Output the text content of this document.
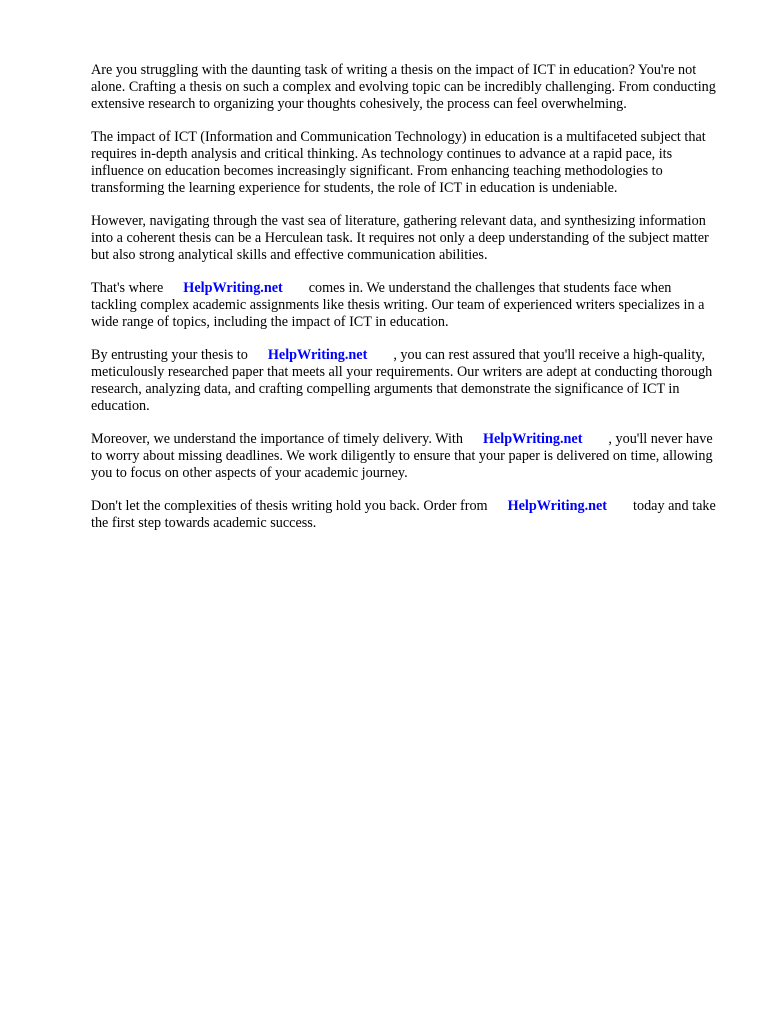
Are you struggling with the daunting task of writing a thesis on the impact of ICT in education? You're not alone. Crafting a thesis on such a complex and evolving topic can be incredibly challenging. From conducting extensive research to organizing your thoughts cohesively, the process can feel overwhelming.

The impact of ICT (Information and Communication Technology) in education is a multifaceted subject that requires in-depth analysis and critical thinking. As technology continues to advance at a rapid pace, its influence on education becomes increasingly significant. From enhancing teaching methodologies to transforming the learning experience for students, the role of ICT in education is undeniable.

However, navigating through the vast sea of literature, gathering relevant data, and synthesizing information into a coherent thesis can be a Herculean task. It requires not only a deep understanding of the subject matter but also strong analytical skills and effective communication abilities.

That's where HelpWriting.net comes in. We understand the challenges that students face when tackling complex academic assignments like thesis writing. Our team of experienced writers specializes in a wide range of topics, including the impact of ICT in education.

By entrusting your thesis to HelpWriting.net , you can rest assured that you'll receive a high-quality, meticulously researched paper that meets all your requirements. Our writers are adept at conducting thorough research, analyzing data, and crafting compelling arguments that demonstrate the significance of ICT in education.

Moreover, we understand the importance of timely delivery. With HelpWriting.net , you'll never have to worry about missing deadlines. We work diligently to ensure that your paper is delivered on time, allowing you to focus on other aspects of your academic journey.

Don't let the complexities of thesis writing hold you back. Order from HelpWriting.net today and take the first step towards academic success.
